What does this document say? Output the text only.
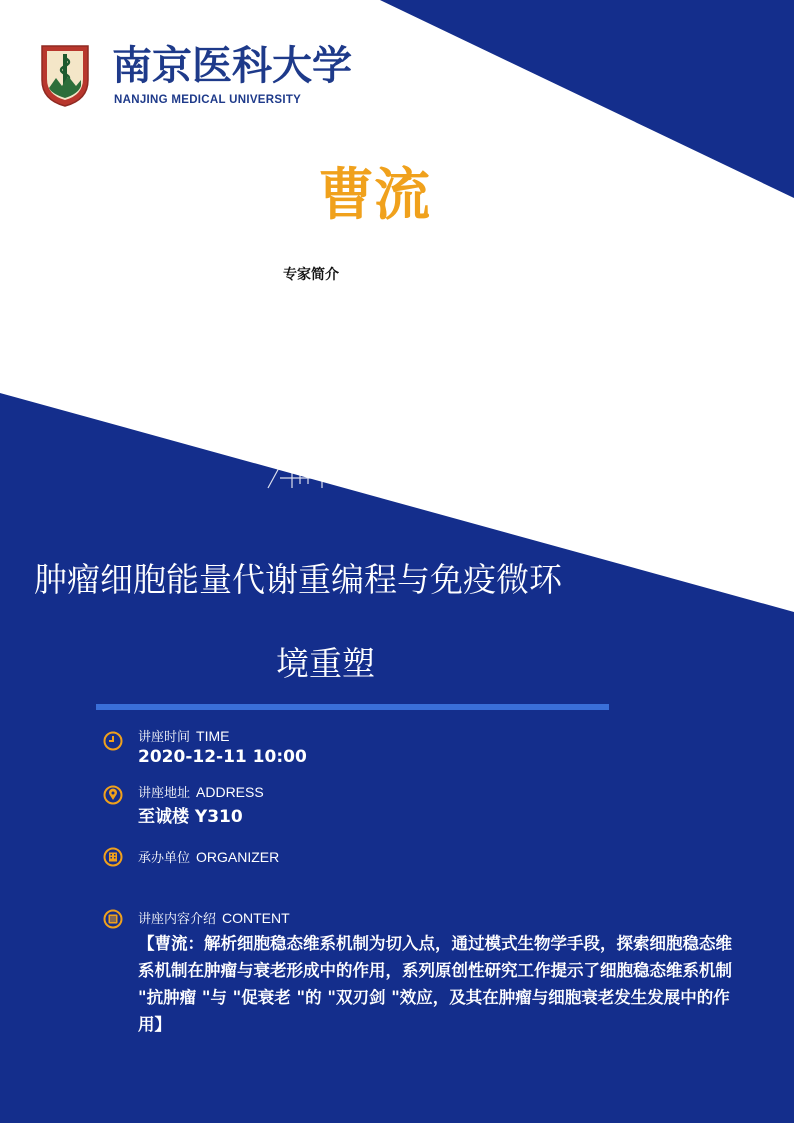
南京医科大学
NANJING MEDICAL UNIVERSITY
曹流
专家简介
肿瘤细胞能量代谢重编程与免疫微环
境重塑
讲座时间 TIME
2020-12-11 10:00
讲座地址 ADDRESS
至诚楼 Y310
承办单位 ORGANIZER
讲座内容介绍 CONTENT
【曹流：解析细胞稳态维系机制为切入点，通过模式生物学手段，探索细胞稳态维系机制在肿瘤与衰老形成中的作用，系列原创性研究工作提示了细胞稳态维系机制 "抗肿瘤 "与 "促衰老 "的 "双刃剑 "效应，及其在肿瘤与细胞衰老发生发展中的作用】
